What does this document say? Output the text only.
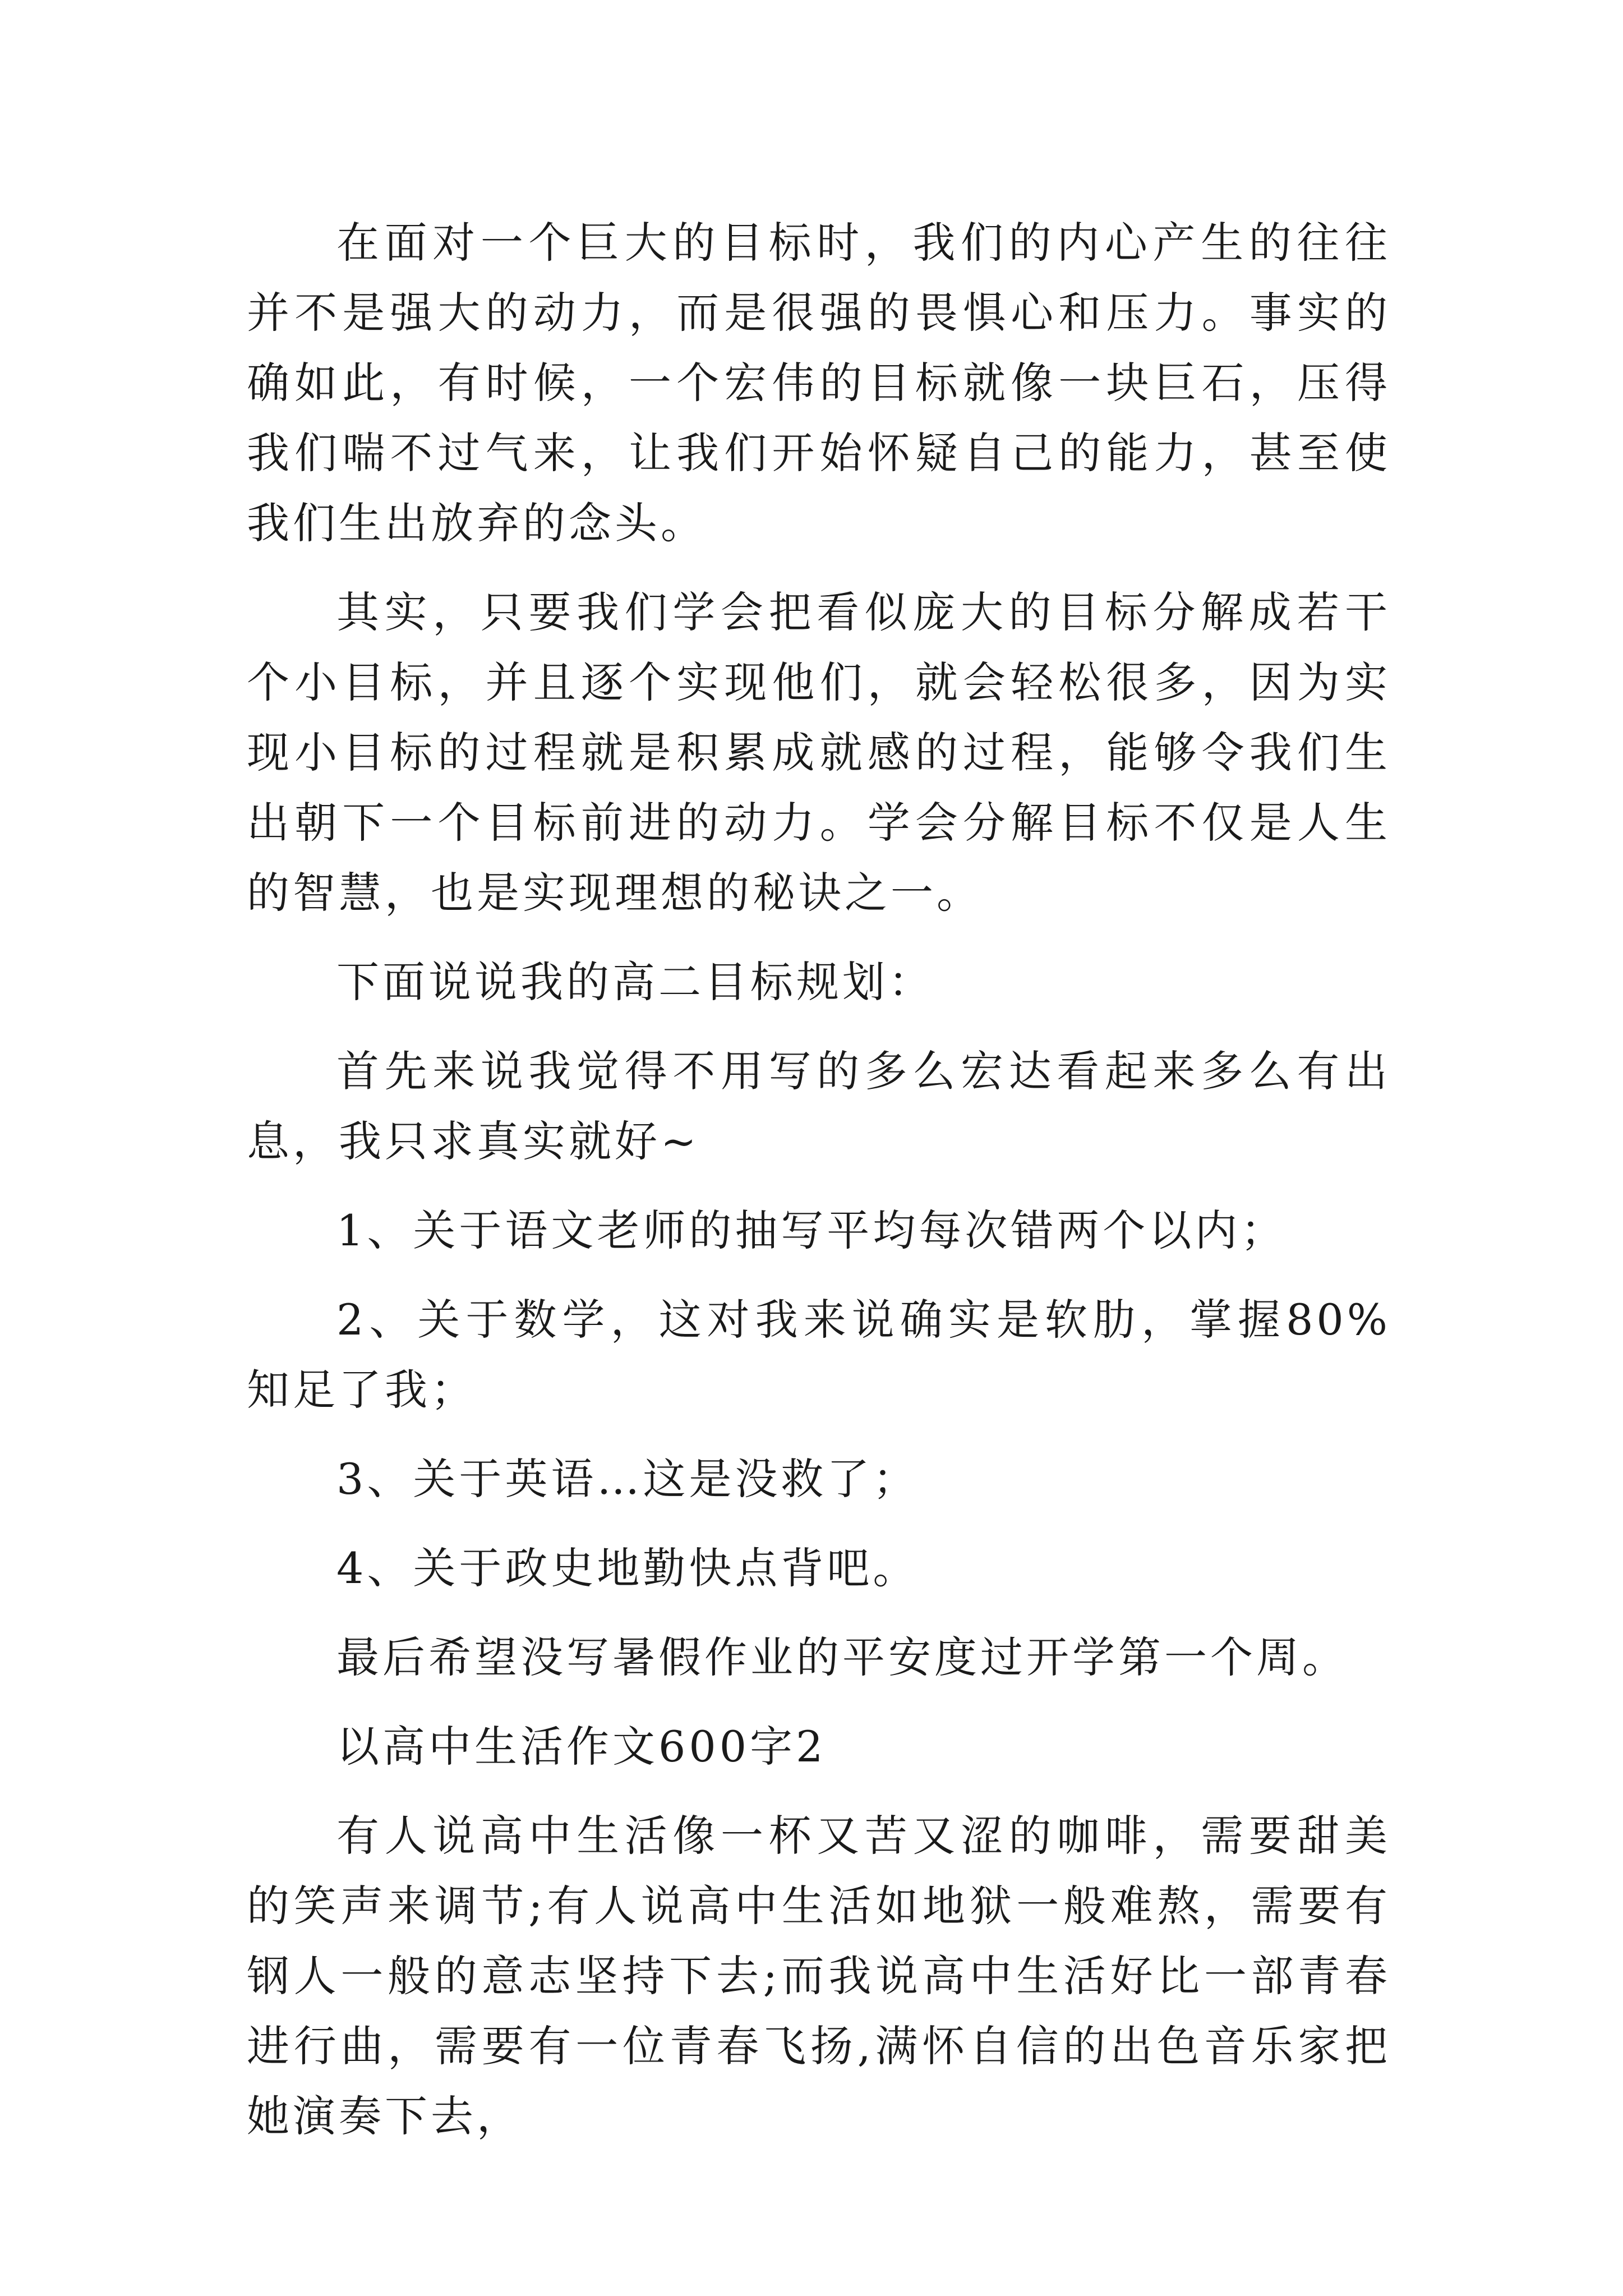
在面对一个巨大的目标时，我们的内心产生的往往并不是强大的动力，而是很强的畏惧心和压力。事实的确如此，有时候，一个宏伟的目标就像一块巨石，压得我们喘不过气来，让我们开始怀疑自己的能力，甚至使我们生出放弃的念头。

其实，只要我们学会把看似庞大的目标分解成若干个小目标，并且逐个实现他们，就会轻松很多，因为实现小目标的过程就是积累成就感的过程，能够令我们生出朝下一个目标前进的动力。学会分解目标不仅是人生的智慧，也是实现理想的秘诀之一。

下面说说我的高二目标规划：

首先来说我觉得不用写的多么宏达看起来多么有出息，我只求真实就好~

1、关于语文老师的抽写平均每次错两个以内；

2、关于数学，这对我来说确实是软肋，掌握80%知足了我；

3、关于英语…这是没救了；

4、关于政史地勤快点背吧。

最后希望没写暑假作业的平安度过开学第一个周。

以高中生活作文600字2

有人说高中生活像一杯又苦又涩的咖啡，需要甜美的笑声来调节;有人说高中生活如地狱一般难熬，需要有钢人一般的意志坚持下去;而我说高中生活好比一部青春进行曲，需要有一位青春飞扬,满怀自信的出色音乐家把她演奏下去，
